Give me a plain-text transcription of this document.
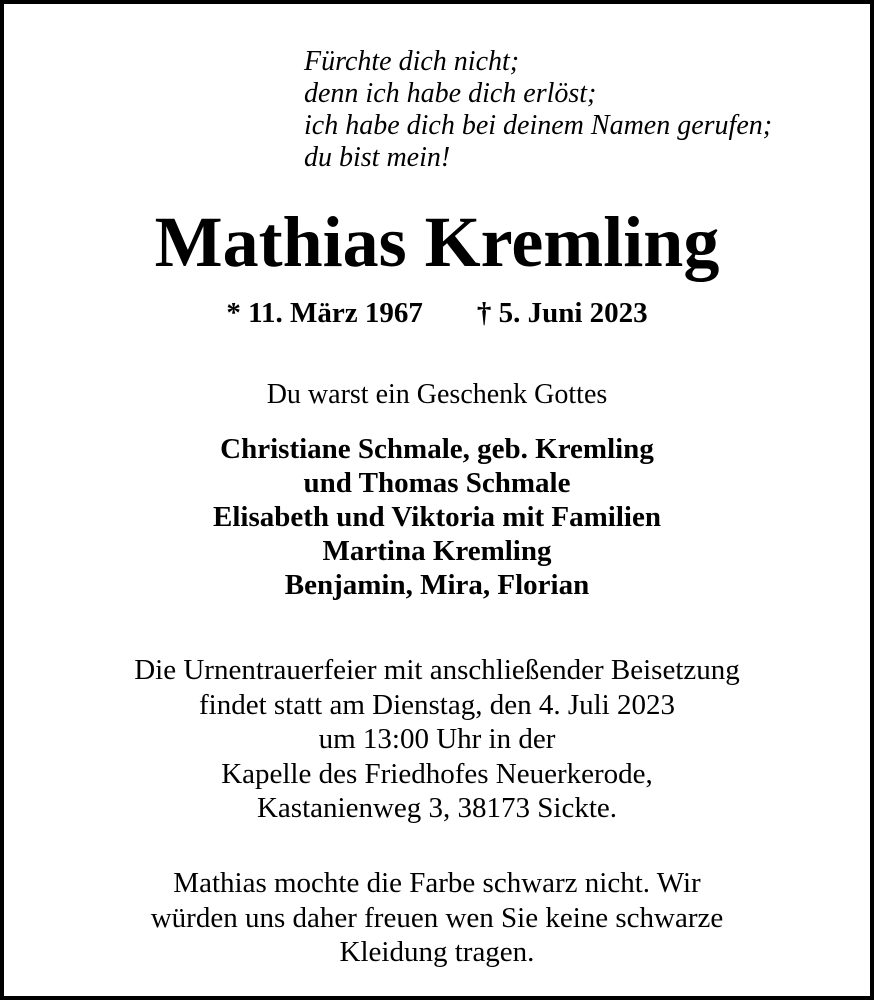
Fürchte dich nicht;
denn ich habe dich erlöst;
ich habe dich bei deinem Namen gerufen;
du bist mein!
Mathias Kremling
* 11. März 1967 † 5. Juni 2023
Du warst ein Geschenk Gottes
Christiane Schmale, geb. Kremling
und Thomas Schmale
Elisabeth und Viktoria mit Familien
Martina Kremling
Benjamin, Mira, Florian
Die Urnentrauerfeier mit anschließender Beisetzung
findet statt am Dienstag, den 4. Juli 2023
um 13:00 Uhr in der
Kapelle des Friedhofes Neuerkerode,
Kastanienweg 3, 38173 Sickte.
Mathias mochte die Farbe schwarz nicht. Wir
würden uns daher freuen wen Sie keine schwarze
Kleidung tragen.
